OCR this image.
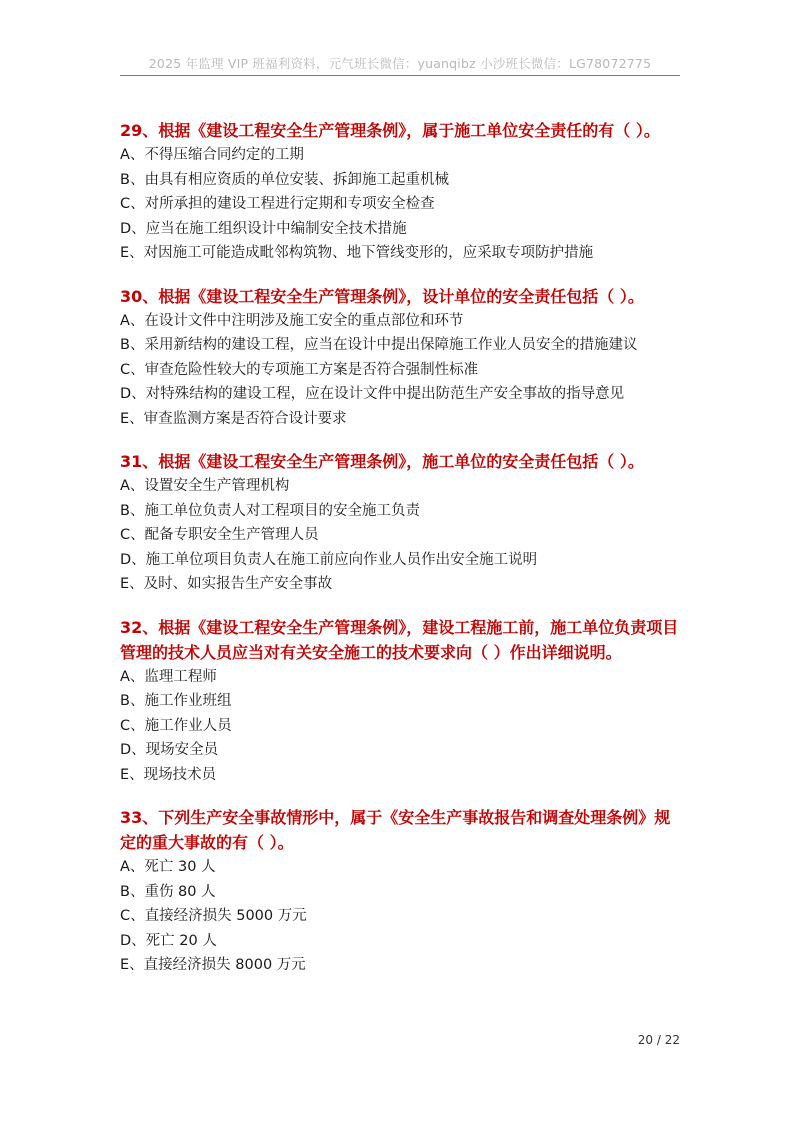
2025 年监理 VIP 班福利资料，元气班长微信：yuanqibz 小沙班长微信：LG78072775

29、根据《建设工程安全生产管理条例》，属于施工单位安全责任的有（ ）。

A、不得压缩合同约定的工期
B、由具有相应资质的单位安装、拆卸施工起重机械
C、对所承担的建设工程进行定期和专项安全检查
D、应当在施工组织设计中编制安全技术措施
E、对因施工可能造成毗邻构筑物、地下管线变形的，应采取专项防护措施

30、根据《建设工程安全生产管理条例》，设计单位的安全责任包括（ ）。

A、在设计文件中注明涉及施工安全的重点部位和环节
B、采用新结构的建设工程，应当在设计中提出保障施工作业人员安全的措施建议
C、审查危险性较大的专项施工方案是否符合强制性标准
D、对特殊结构的建设工程，应在设计文件中提出防范生产安全事故的指导意见
E、审查监测方案是否符合设计要求

31、根据《建设工程安全生产管理条例》，施工单位的安全责任包括（ ）。

A、设置安全生产管理机构
B、施工单位负责人对工程项目的安全施工负责
C、配备专职安全生产管理人员
D、施工单位项目负责人在施工前应向作业人员作出安全施工说明
E、及时、如实报告生产安全事故

32、根据《建设工程安全生产管理条例》，建设工程施工前，施工单位负责项目管理的技术人员应当对有关安全施工的技术要求向（ ）作出详细说明。

A、监理工程师
B、施工作业班组
C、施工作业人员
D、现场安全员
E、现场技术员

33、下列生产安全事故情形中，属于《安全生产事故报告和调查处理条例》规定的重大事故的有（ ）。

A、死亡 30 人
B、重伤 80 人
C、直接经济损失 5000 万元
D、死亡 20 人
E、直接经济损失 8000 万元
20 / 22
